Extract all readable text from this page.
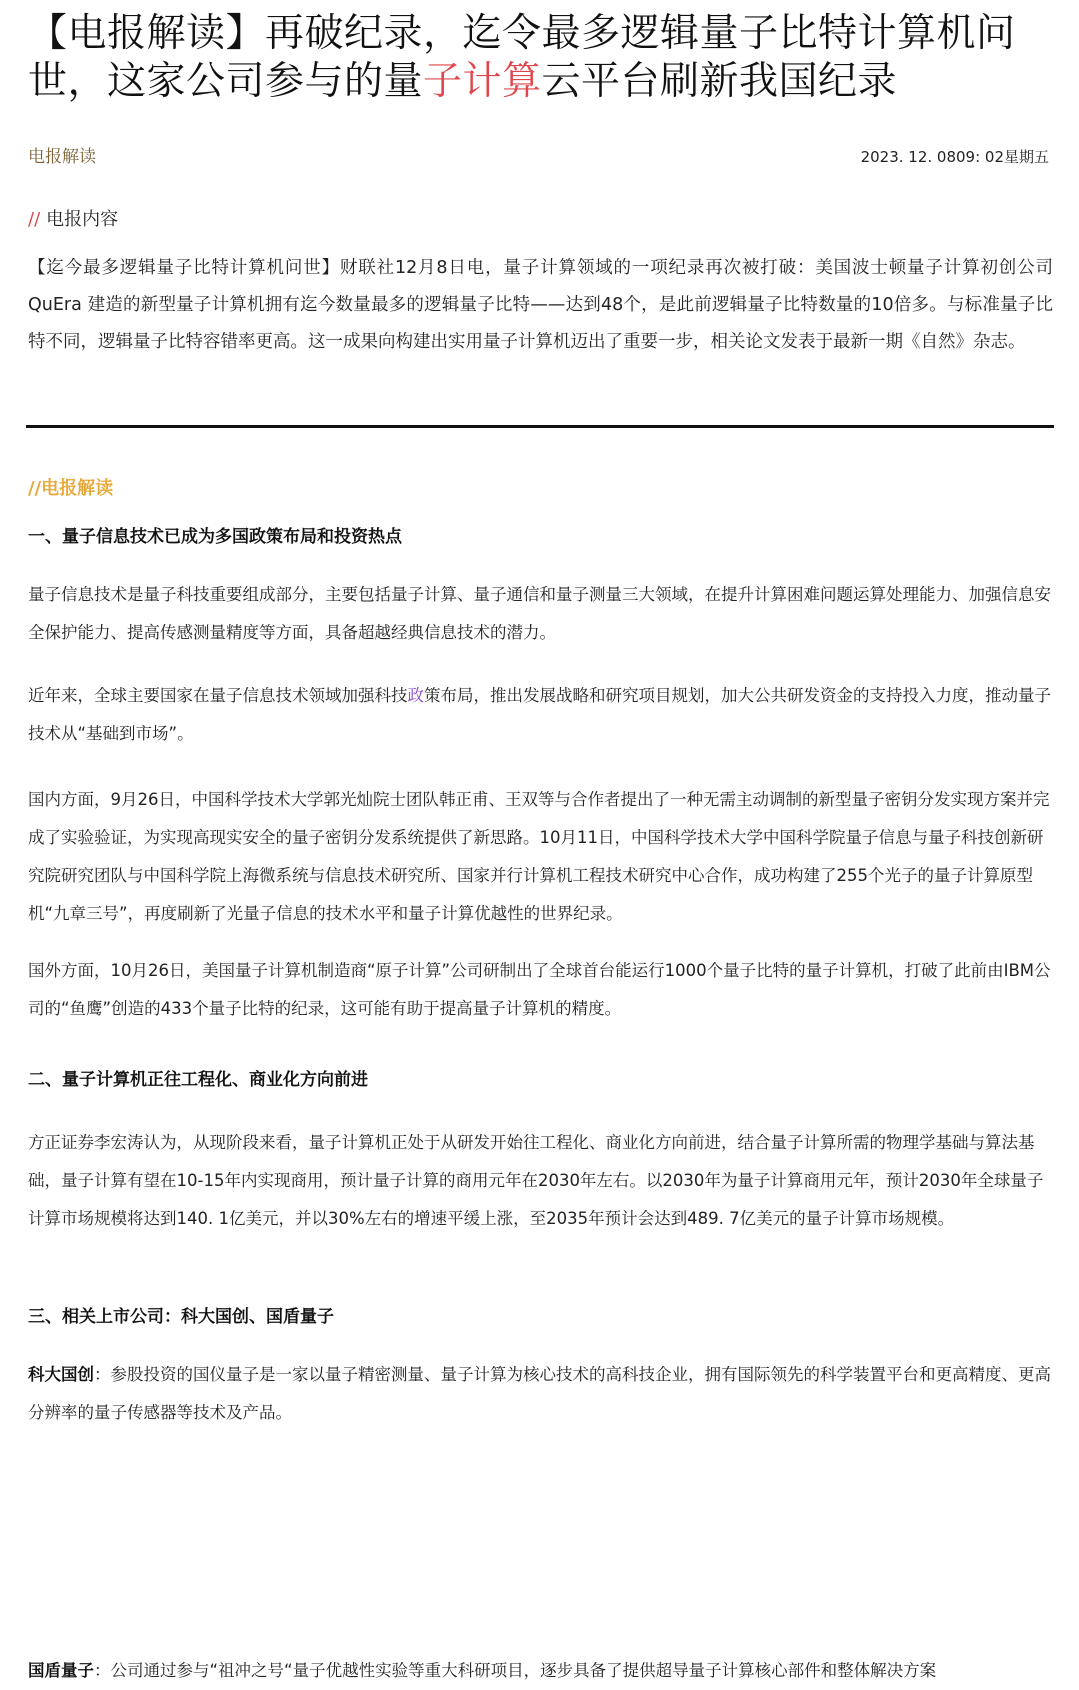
【电报解读】再破纪录，迄令最多逻辑量子比特计算机问世，这家公司参与的量子计算云平台刷新我国纪录
电报解读	2023. 12. 0809: 02星期五
// 电报内容
【迄今最多逻辑量子比特计算机问世】财联社12月8日电，量子计算领域的一项纪录再次被打破：美国波士顿量子计算初创公司QuEra 建造的新型量子计算机拥有迄今数量最多的逻辑量子比特——达到48个，是此前逻辑量子比特数量的10倍多。与标准量子比特不同，逻辑量子比特容错率更高。这一成果向构建出实用量子计算机迈出了重要一步，相关论文发表于最新一期《自然》杂志。
//电报解读
一、量子信息技术已成为多国政策布局和投资热点
量子信息技术是量子科技重要组成部分，主要包括量子计算、量子通信和量子测量三大领域，在提升计算困难问题运算处理能力、加强信息安全保护能力、提高传感测量精度等方面，具备超越经典信息技术的潜力。
近年来，全球主要国家在量子信息技术领域加强科技政策布局，推出发展战略和研究项目规划，加大公共研发资金的支持投入力度，推动量子技术从“基础到市场”。
国内方面，9月26日，中国科学技术大学郭光灿院士团队韩正甫、王双等与合作者提出了一种无需主动调制的新型量子密钥分发实现方案并完成了实验验证，为实现高现实安全的量子密钥分发系统提供了新思路。10月11日，中国科学技术大学中国科学院量子信息与量子科技创新研究院研究团队与中国科学院上海微系统与信息技术研究所、国家并行计算机工程技术研究中心合作，成功构建了255个光子的量子计算原型机“九章三号”，再度刷新了光量子信息的技术水平和量子计算优越性的世界纪录。
国外方面，10月26日，美国量子计算机制造商“原子计算”公司研制出了全球首台能运行1000个量子比特的量子计算机，打破了此前由IBM公司的“鱼鹰”创造的433个量子比特的纪录，这可能有助于提高量子计算机的精度。
二、量子计算机正往工程化、商业化方向前进
方正证券李宏涛认为，从现阶段来看，量子计算机正处于从研发开始往工程化、商业化方向前进，结合量子计算所需的物理学基础与算法基础，量子计算有望在10-15年内实现商用，预计量子计算的商用元年在2030年左右。以2030年为量子计算商用元年，预计2030年全球量子计算市场规模将达到140. 1亿美元，并以30%左右的增速平缓上涨，至2035年预计会达到489. 7亿美元的量子计算市场规模。
三、相关上市公司：科大国创、国盾量子
科大国创：参股投资的国仪量子是一家以量子精密测量、量子计算为核心技术的高科技企业，拥有国际领先的科学装置平台和更高精度、更高分辨率的量子传感器等技术及产品。
国盾量子：公司通过参与“祖冲之号“量子优越性实验等重大科研项目，逐步具备了提供超导量子计算核心部件和整体解决方案
